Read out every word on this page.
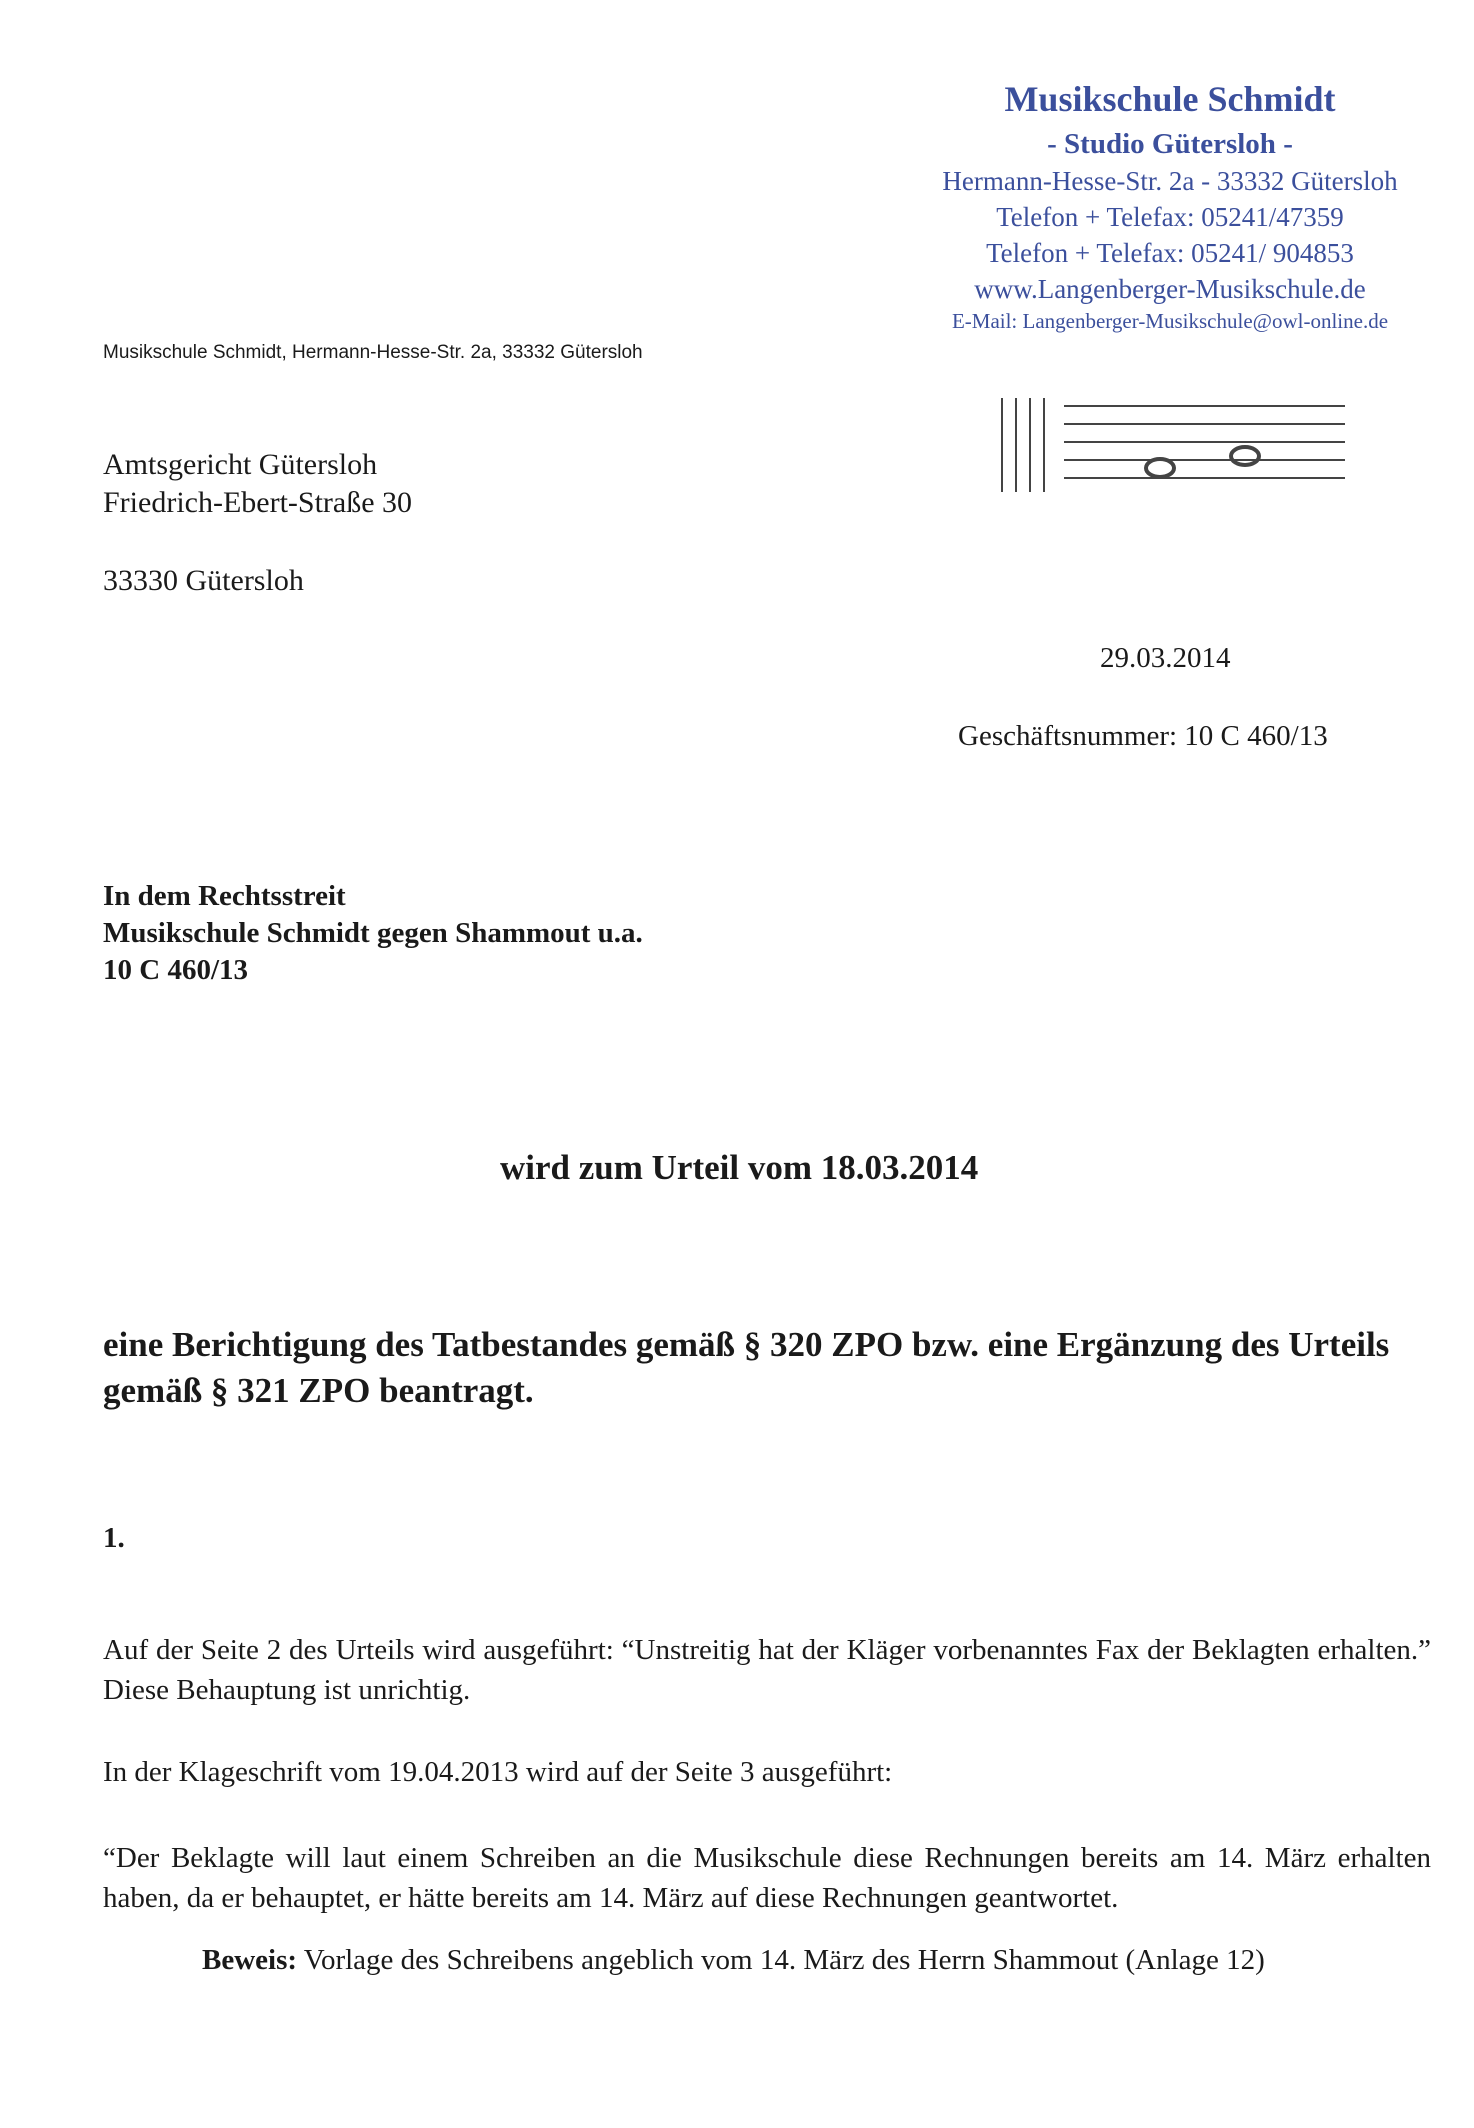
Musikschule Schmidt
- Studio Gütersloh -
Hermann-Hesse-Str. 2a - 33332 Gütersloh
Telefon + Telefax: 05241/47359
Telefon + Telefax: 05241/ 904853
www.Langenberger-Musikschule.de
E-Mail: Langenberger-Musikschule@owl-online.de
Musikschule Schmidt, Hermann-Hesse-Str. 2a, 33332 Gütersloh
Amtsgericht Gütersloh
Friedrich-Ebert-Straße 30
33330 Gütersloh
29.03.2014
Geschäftsnummer: 10 C 460/13
In dem Rechtsstreit
Musikschule Schmidt gegen Shammout u.a.
10 C 460/13
wird zum Urteil vom 18.03.2014
eine Berichtigung des Tatbestandes gemäß § 320 ZPO bzw. eine Ergänzung des Urteils gemäß § 321 ZPO beantragt.
1.
Auf der Seite 2 des Urteils wird ausgeführt: “Unstreitig hat der Kläger vorbenanntes Fax der Beklagten erhalten.” Diese Behauptung ist unrichtig.
In der Klageschrift vom 19.04.2013 wird auf der Seite 3 ausgeführt:
“Der Beklagte will laut einem Schreiben an die Musikschule diese Rechnungen bereits am 14. März erhalten haben, da er behauptet, er hätte bereits am 14. März auf diese Rechnungen geantwortet.
Beweis: Vorlage des Schreibens angeblich vom 14. März des Herrn Shammout (Anlage 12)
